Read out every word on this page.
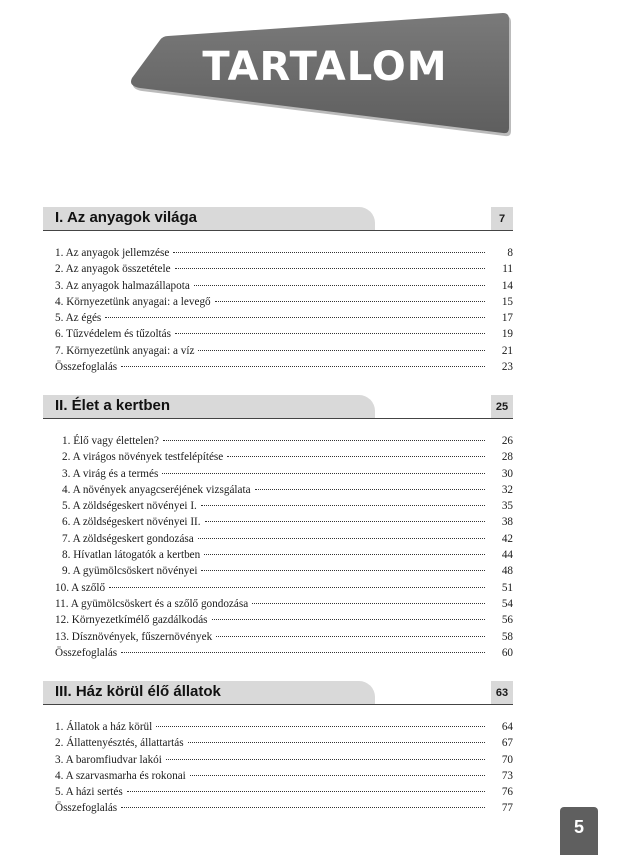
TARTALOM
I. Az anyagok világa	7
1. Az anyagok jellemzése	8
2. Az anyagok összetétele	11
3. Az anyagok halmazállapota	14
4. Környezetünk anyagai: a levegő	15
5. Az égés	17
6. Tűzvédelem és tűzoltás	19
7. Környezetünk anyagai: a víz	21
Összefoglalás	23
II. Élet a kertben	25
1. Élő vagy élettelen?	26
2. A virágos növények testfelépítése	28
3. A virág és a termés	30
4. A növények anyagcseréjének vizsgálata	32
5. A zöldségeskert növényei I.	35
6. A zöldségeskert növényei II.	38
7. A zöldségeskert gondozása	42
8. Hívatlan látogatók a kertben	44
9. A gyümölcsöskert növényei	48
10. A szőlő	51
11. A gyümölcsöskert és a szőlő gondozása	54
12. Környezetkímélő gazdálkodás	56
13. Dísznövények, fűszernövények	58
Összefoglalás	60
III. Ház körül élő állatok	63
1. Állatok a ház körül	64
2. Állattenyésztés, állattartás	67
3. A baromfiudvar lakói	70
4. A szarvasmarha és rokonai	73
5. A házi sertés	76
Összefoglalás	77
5
